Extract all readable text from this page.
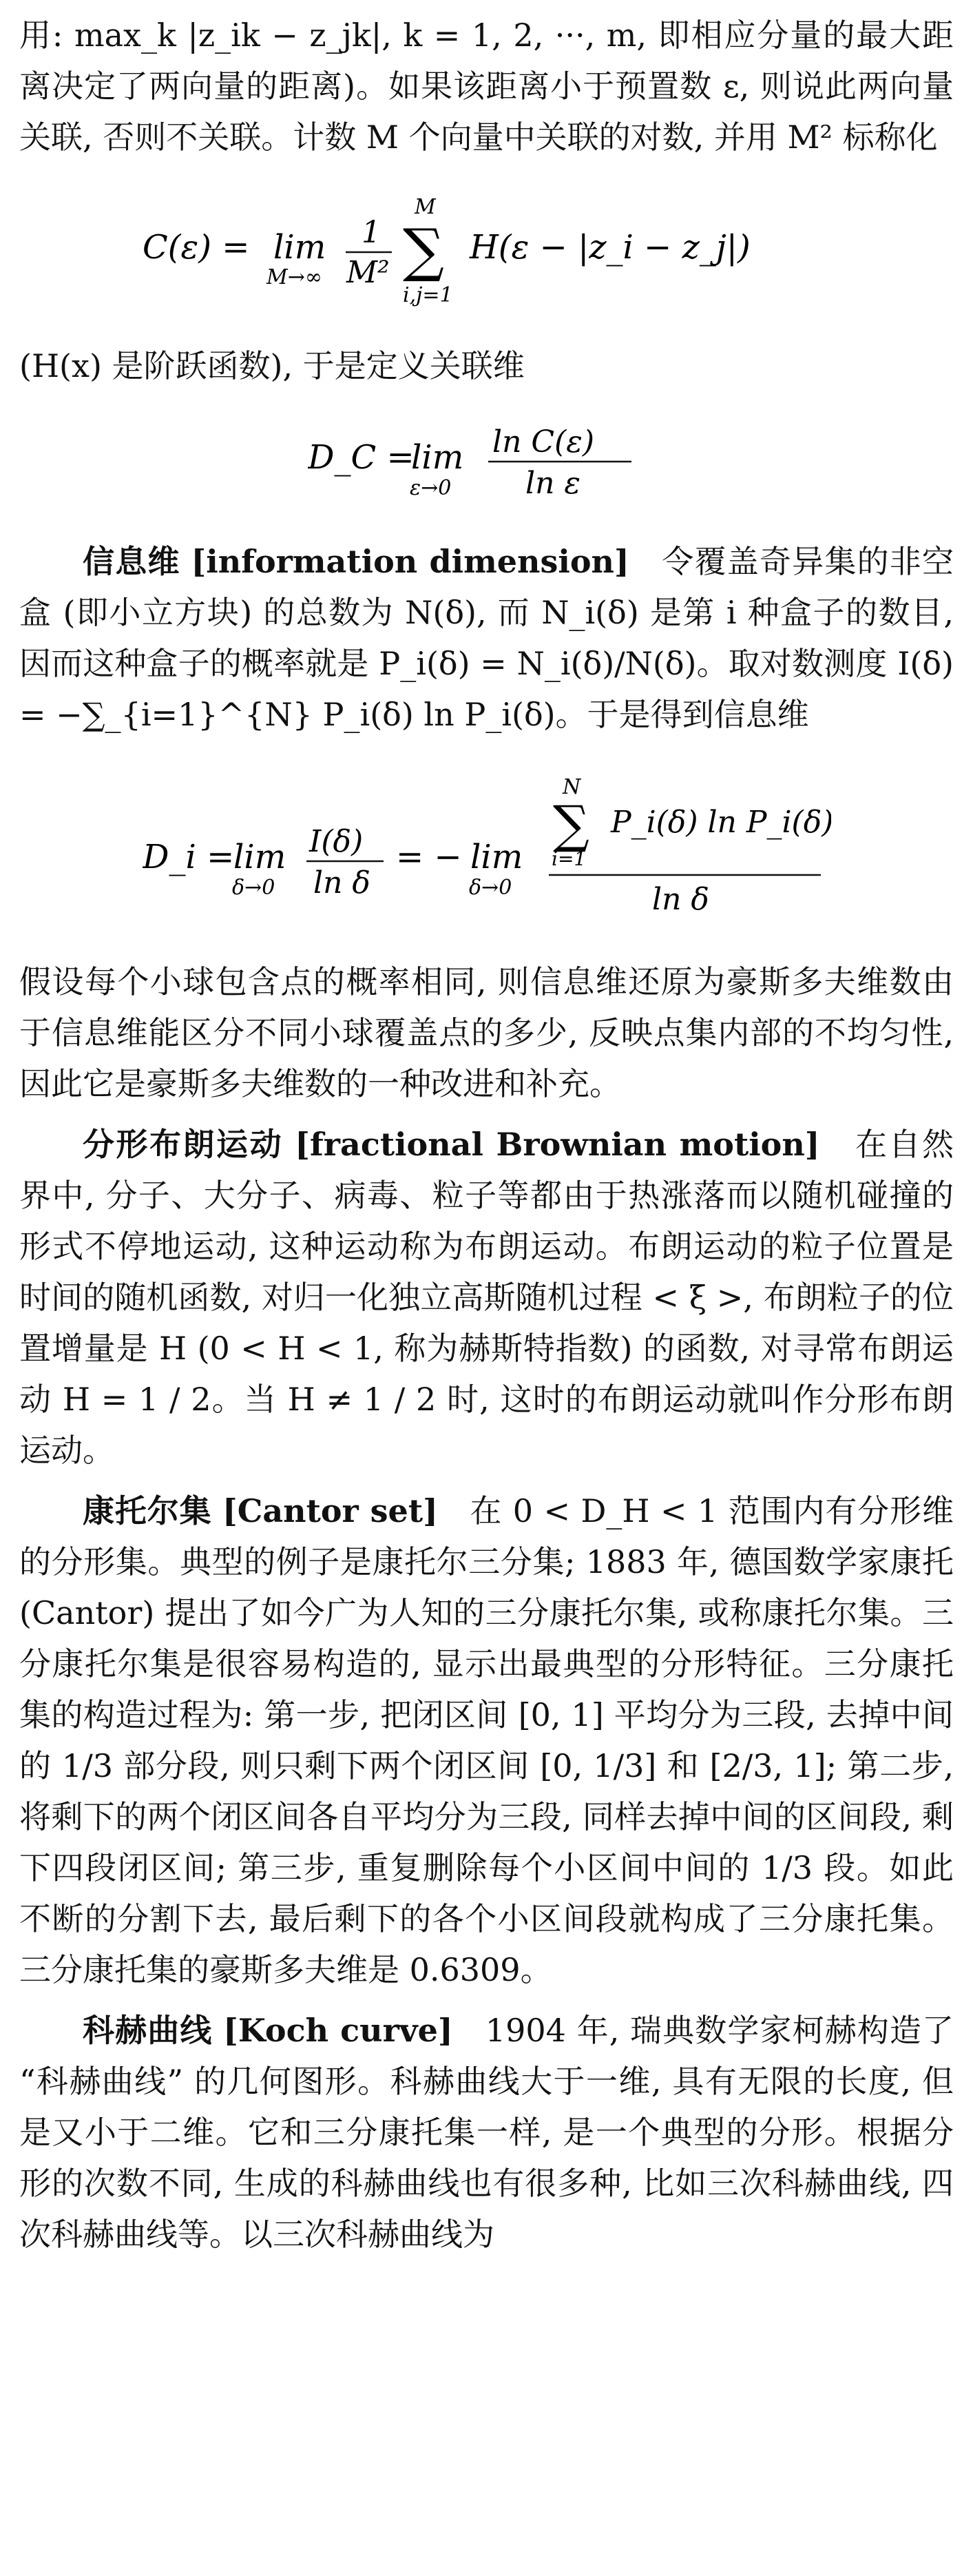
用: max_k |z_ik − z_jk|, k = 1, 2, ···, m, 即相应分量的最大距离决定了两向量的距离)。如果该距离小于预置数 ε, 则说此两向量关联, 否则不关联。计数 M 个向量中关联的对数, 并用 M² 标称化

C(ε) = lim
M→∞
1
M²
M
∑
i,j=1
H(ε − |z_i − z_j|)

(H(x) 是阶跃函数), 于是定义关联维

D_C =
lim
ε→0
ln C(ε)
ln ε

信息维 [information dimension] 令覆盖奇异集的非空盒 (即小立方块) 的总数为 N(δ), 而 N_i(δ) 是第 i 种盒子的数目, 因而这种盒子的概率就是 P_i(δ) = N_i(δ)/N(δ)。取对数测度 I(δ) = −∑_{i=1}^{N} P_i(δ) ln P_i(δ)。于是得到信息维

D_i =
lim
δ→0
I(δ)
ln δ
= − lim
δ→0
N
∑
i=1
P_i(δ) ln P_i(δ)
ln δ

假设每个小球包含点的概率相同, 则信息维还原为豪斯多夫维数由于信息维能区分不同小球覆盖点的多少, 反映点集内部的不均匀性, 因此它是豪斯多夫维数的一种改进和补充。

分形布朗运动 [fractional Brownian motion] 在自然界中, 分子、大分子、病毒、粒子等都由于热涨落而以随机碰撞的形式不停地运动, 这种运动称为布朗运动。布朗运动的粒子位置是时间的随机函数, 对归一化独立高斯随机过程 < ξ >, 布朗粒子的位置增量是 H (0 < H < 1, 称为赫斯特指数) 的函数, 对寻常布朗运动 H = 1 / 2。当 H ≠ 1 / 2 时, 这时的布朗运动就叫作分形布朗运动。

康托尔集 [Cantor set] 在 0 < D_H < 1 范围内有分形维的分形集。典型的例子是康托尔三分集; 1883 年, 德国数学家康托 (Cantor) 提出了如今广为人知的三分康托尔集, 或称康托尔集。三分康托尔集是很容易构造的, 显示出最典型的分形特征。三分康托集的构造过程为: 第一步, 把闭区间 [0, 1] 平均分为三段, 去掉中间的 1/3 部分段, 则只剩下两个闭区间 [0, 1/3] 和 [2/3, 1]; 第二步, 将剩下的两个闭区间各自平均分为三段, 同样去掉中间的区间段, 剩下四段闭区间; 第三步, 重复删除每个小区间中间的 1/3 段。如此不断的分割下去, 最后剩下的各个小区间段就构成了三分康托集。三分康托集的豪斯多夫维是 0.6309。

科赫曲线 [Koch curve] 1904 年, 瑞典数学家柯赫构造了 “科赫曲线” 的几何图形。科赫曲线大于一维, 具有无限的长度, 但是又小于二维。它和三分康托集一样, 是一个典型的分形。根据分形的次数不同, 生成的科赫曲线也有很多种, 比如三次科赫曲线, 四次科赫曲线等。以三次科赫曲线为
